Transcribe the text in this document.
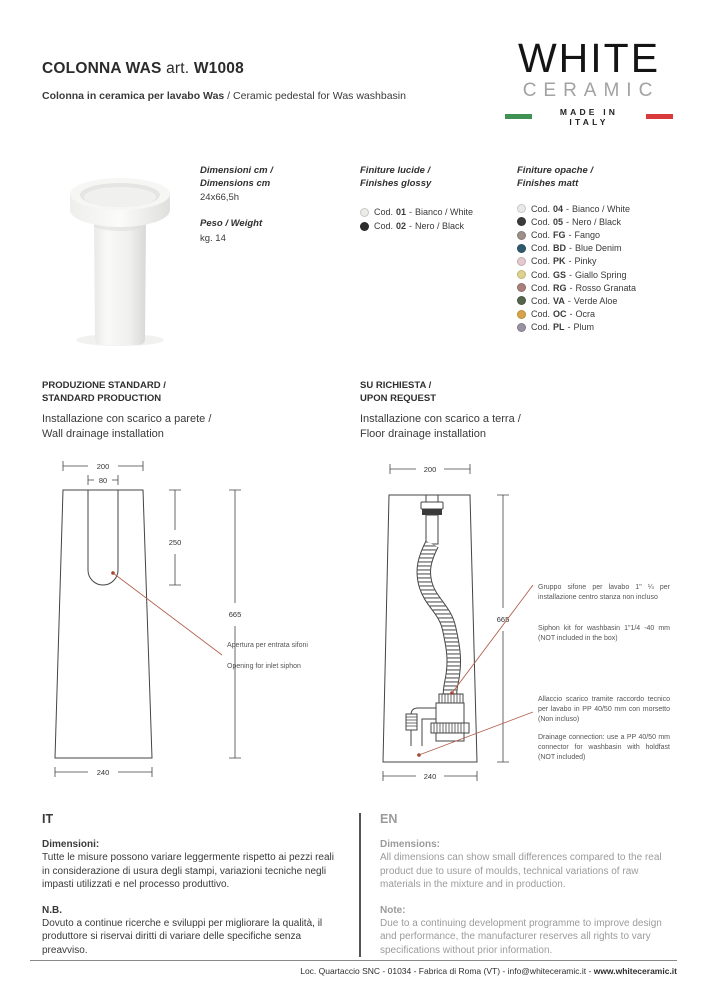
COLONNA WAS art. W1008
Colonna in ceramica per lavabo Was / Ceramic pedestal for Was washbasin
WHITE
CERAMIC
MADE IN ITALY
Dimensioni cm /
Dimensions cm
24x66,5h
Peso / Weight
kg. 14
Finiture lucide /
Finishes glossy
Cod. 01 - Bianco / White
Cod. 02 - Nero / Black
Finiture opache /
Finishes matt
Cod. 04 - Bianco / White
Cod. 05 - Nero / Black
Cod. FG - Fango
Cod. BD - Blue Denim
Cod. PK - Pinky
Cod. GS - Giallo Spring
Cod. RG - Rosso Granata
Cod. VA - Verde Aloe
Cod. OC - Ocra
Cod. PL - Plum
PRODUZIONE STANDARD /
STANDARD PRODUCTION
Installazione con scarico a parete /
Wall drainage installation
SU RICHIESTA /
UPON REQUEST
Installazione con scarico a terra /
Floor drainage installation
200
80
250
665
240
Apertura per entrata sifoni
Opening for inlet siphon
200
665
240
Gruppo sifone per lavabo 1" ¼ per installazione centro stanza non incluso
Siphon kit for washbasin 1"1/4 -40 mm (NOT included in the box)
Allaccio scarico tramite raccordo tecnico per lavabo in PP 40/50 mm con morsetto (Non incluso)
Drainage connection: use a PP 40/50 mm connector for washbasin with holdfast (NOT included)
IT
Dimensioni:
Tutte le misure possono variare leggermente rispetto ai pezzi reali in considerazione di usura degli stampi, variazioni tecniche negli impasti utilizzati e nel processo produttivo.
N.B.
Dovuto a continue ricerche e sviluppi per migliorare la qualità, il produttore si riservai diritti di variare delle specifiche senza preavviso.
EN
Dimensions:
All dimensions can show small differences compared to the real product due to usure of moulds, technical variations of raw materials in the mixture and in production.
Note:
Due to a continuing development programme to improve design and performance, the manufacturer reserves all rights to vary specifications without prior information.
Loc. Quartaccio SNC - 01034 - Fabrica di Roma (VT) - info@whiteceramic.it - www.whiteceramic.it
